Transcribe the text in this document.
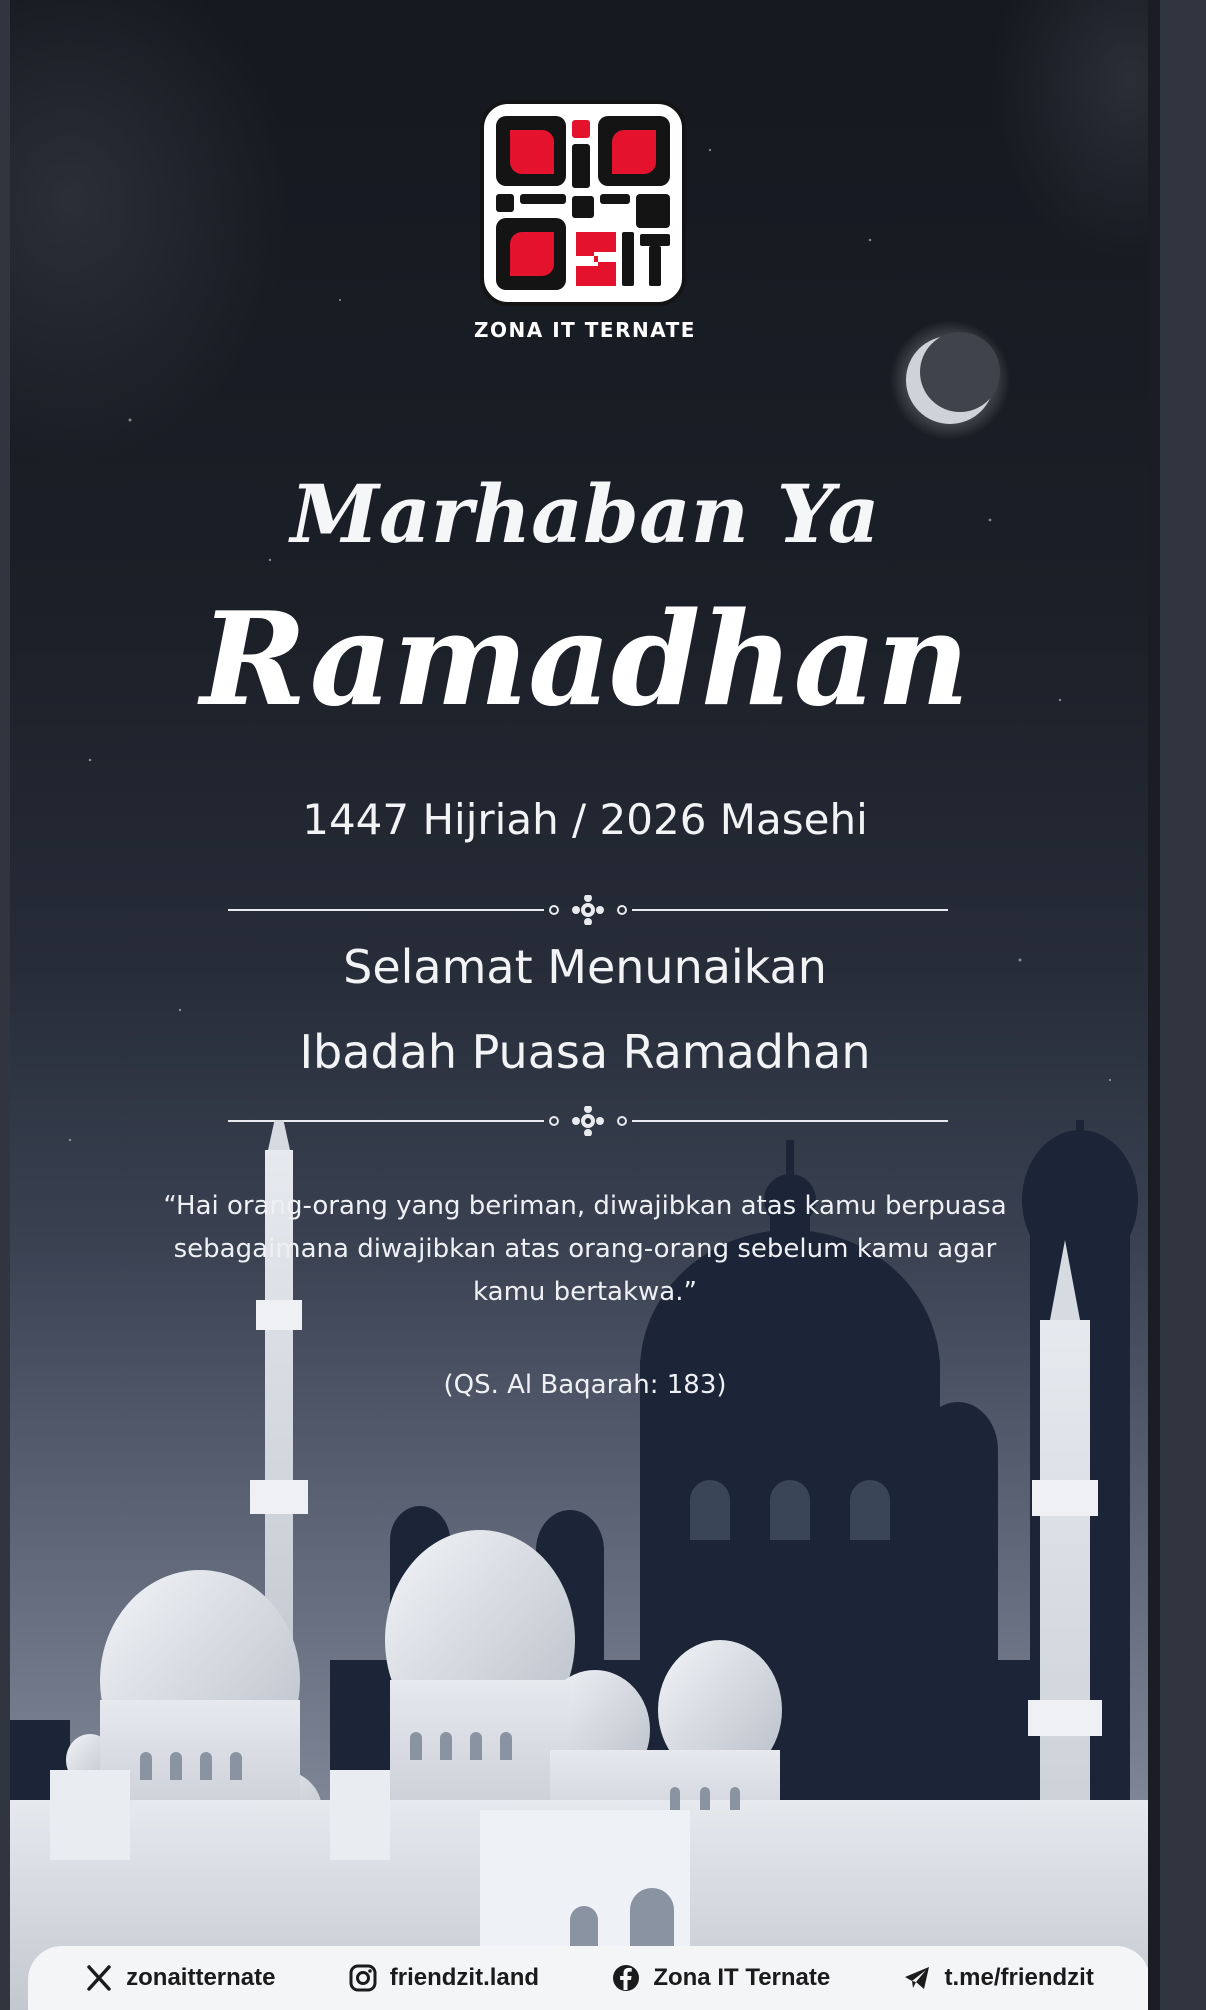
ZONA IT TERNATE
Marhaban Ya
Ramadhan
1447 Hijriah / 2026 Masehi
Selamat Menunaikan
Ibadah Puasa Ramadhan
“Hai orang-orang yang beriman, diwajibkan atas kamu berpuasa
sebagaimana diwajibkan atas orang-orang sebelum kamu agar
kamu bertakwa.”
(QS. Al Baqarah: 183)
zonaitternate	friendzit.land	Zona IT Ternate	t.me/friendzit
